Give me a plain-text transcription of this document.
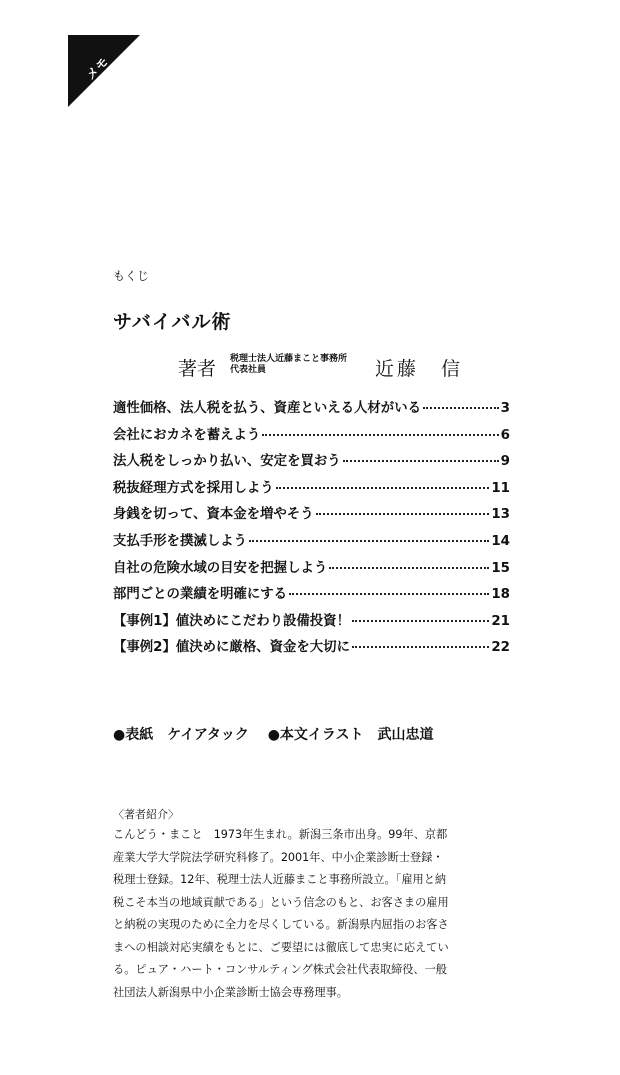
メモ
もくじ
サバイバル術
著者 税理士法人近藤まこと事務所
代表社員	近藤　信
適性価格、法人税を払う、資産といえる人材がいる	3
会社におカネを蓄えよう	6
法人税をしっかり払い、安定を買おう	9
税抜経理方式を採用しよう	11
身銭を切って、資本金を増やそう	13
支払手形を撲滅しよう	14
自社の危険水域の目安を把握しよう	15
部門ごとの業績を明確にする	18
【事例1】値決めにこだわり設備投資！	21
【事例2】値決めに厳格、資金を大切に	22
●表紙　ケイアタック ●本文イラスト　武山忠道
〈著者紹介〉

こんどう・まこと　1973年生まれ。新潟三条市出身。99年、京都

産業大学大学院法学研究科修了。2001年、中小企業診断士登録・

税理士登録。12年、税理士法人近藤まこと事務所設立。「雇用と納

税こそ本当の地域貢献である」という信念のもと、お客さまの雇用

と納税の実現のために全力を尽くしている。新潟県内屈指のお客さ

まへの相談対応実績をもとに、ご要望には徹底して忠実に応えてい

る。ピュア・ハート・コンサルティング株式会社代表取締役、一般

社団法人新潟県中小企業診断士協会専務理事。
